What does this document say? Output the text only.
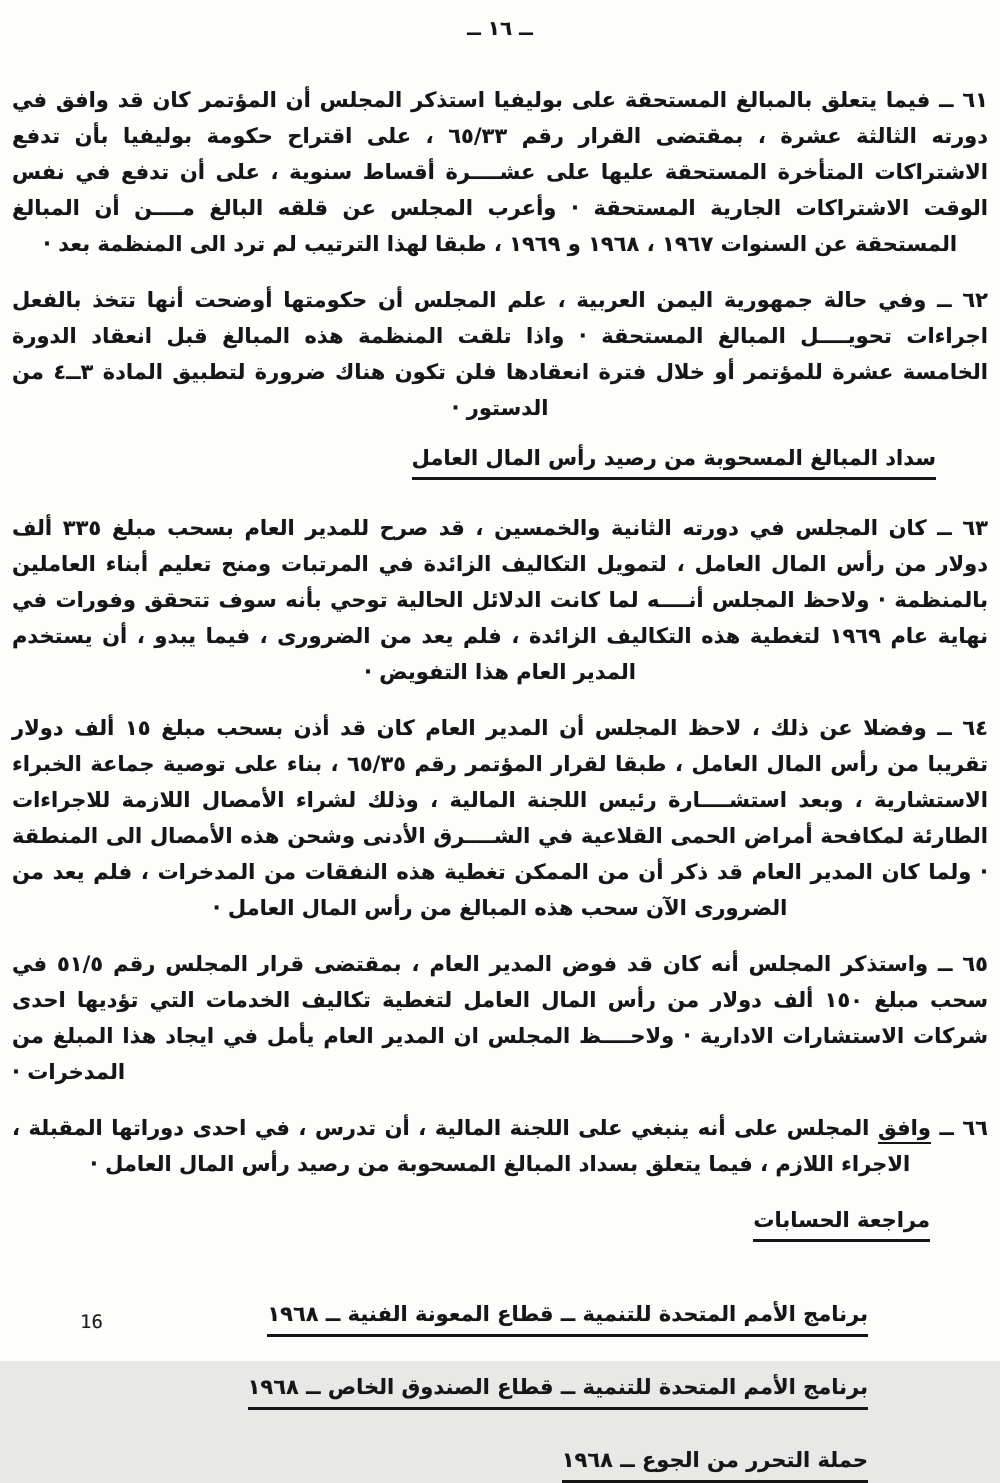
ــ ١٦ ــ

٦١ ــ فيما يتعلق بالمبالغ المستحقة على بوليفيا استذكر المجلس أن المؤتمر كان قد وافق في دورته الثالثة عشرة ، بمقتضى القرار رقم ٣٣‏/‏٦٥ ، على اقتراح حكومة بوليفيا بأن تدفع الاشتراكات المتأخرة المستحقة عليها على عشــــرة أقساط سنوية ، على أن تدفع في نفس الوقت الاشتراكات الجارية المستحقة · وأعرب المجلس عن قلقه البالغ مــــن أن المبالغ المستحقة عن السنوات ١٩٦٧ ، ١٩٦٨ و ١٩٦٩ ، طبقا لهذا الترتيب لم ترد الى المنظمة بعد ·

٦٢ ــ وفي حالة جمهورية اليمن العربية ، علم المجلس أن حكومتها أوضحت أنها تتخذ بالفعل اجراءات تحويــــل المبالغ المستحقة · واذا تلقت المنظمة هذه المبالغ قبل انعقاد الدورة الخامسة عشرة للمؤتمر أو خلال فترة انعقادها فلن تكون هناك ضرورة لتطبيق المادة ٣ــ٤ من الدستور ·

سداد المبالغ المسحوبة من رصيد رأس المال العامل

٦٣ ــ كان المجلس في دورته الثانية والخمسين ، قد صرح للمدير العام بسحب مبلغ ٣٣٥ ألف دولار من رأس المال العامل ، لتمويل التكاليف الزائدة في المرتبات ومنح تعليم أبناء العاملين بالمنظمة · ولاحظ المجلس أنــــه لما كانت الدلائل الحالية توحي بأنه سوف تتحقق وفورات في نهاية عام ١٩٦٩ لتغطية هذه التكاليف الزائدة ، فلم يعد من الضرورى ، فيما يبدو ، أن يستخدم المدير العام هذا التفويض ·

٦٤ ــ وفضلا عن ذلك ، لاحظ المجلس أن المدير العام كان قد أذن بسحب مبلغ ١٥ ألف دولار تقريبا من رأس المال العامل ، طبقا لقرار المؤتمر رقم ٣٥‏/‏٦٥ ، بناء على توصية جماعة الخبراء الاستشارية ، وبعد استشــــارة رئيس اللجنة المالية ، وذلك لشراء الأمصال اللازمة للاجراءات الطارئة لمكافحة أمراض الحمى القلاعية في الشــــرق الأدنى وشحن هذه الأمصال الى المنطقة · ولما كان المدير العام قد ذكر أن من الممكن تغطية هذه النفقات من المدخرات ، فلم يعد من الضرورى الآن سحب هذه المبالغ من رأس المال العامل ·

٦٥ ــ واستذكر المجلس أنه كان قد فوض المدير العام ، بمقتضى قرار المجلس رقم ٥‏/‏٥١ في سحب مبلغ ١٥٠ ألف دولار من رأس المال العامل لتغطية تكاليف الخدمات التي تؤديها احدى شركات الاستشارات الادارية · ولاحــــظ المجلس ان المدير العام يأمل في ايجاد هذا المبلغ من المدخرات ·

٦٦ ــ وافق المجلس على أنه ينبغي على اللجنة المالية ، أن تدرس ، في احدى دوراتها المقبلة ، الاجراء اللازم ، فيما يتعلق بسداد المبالغ المسحوبة من رصيد رأس المال العامل ·

مراجعة الحسابات
برنامج الأمم المتحدة للتنمية ــ قطاع المعونة الفنية ــ ١٩٦٨
برنامج الأمم المتحدة للتنمية ــ قطاع الصندوق الخاص ــ ١٩٦٨
حملة التحرر من الجوع ــ ١٩٦٨
16
